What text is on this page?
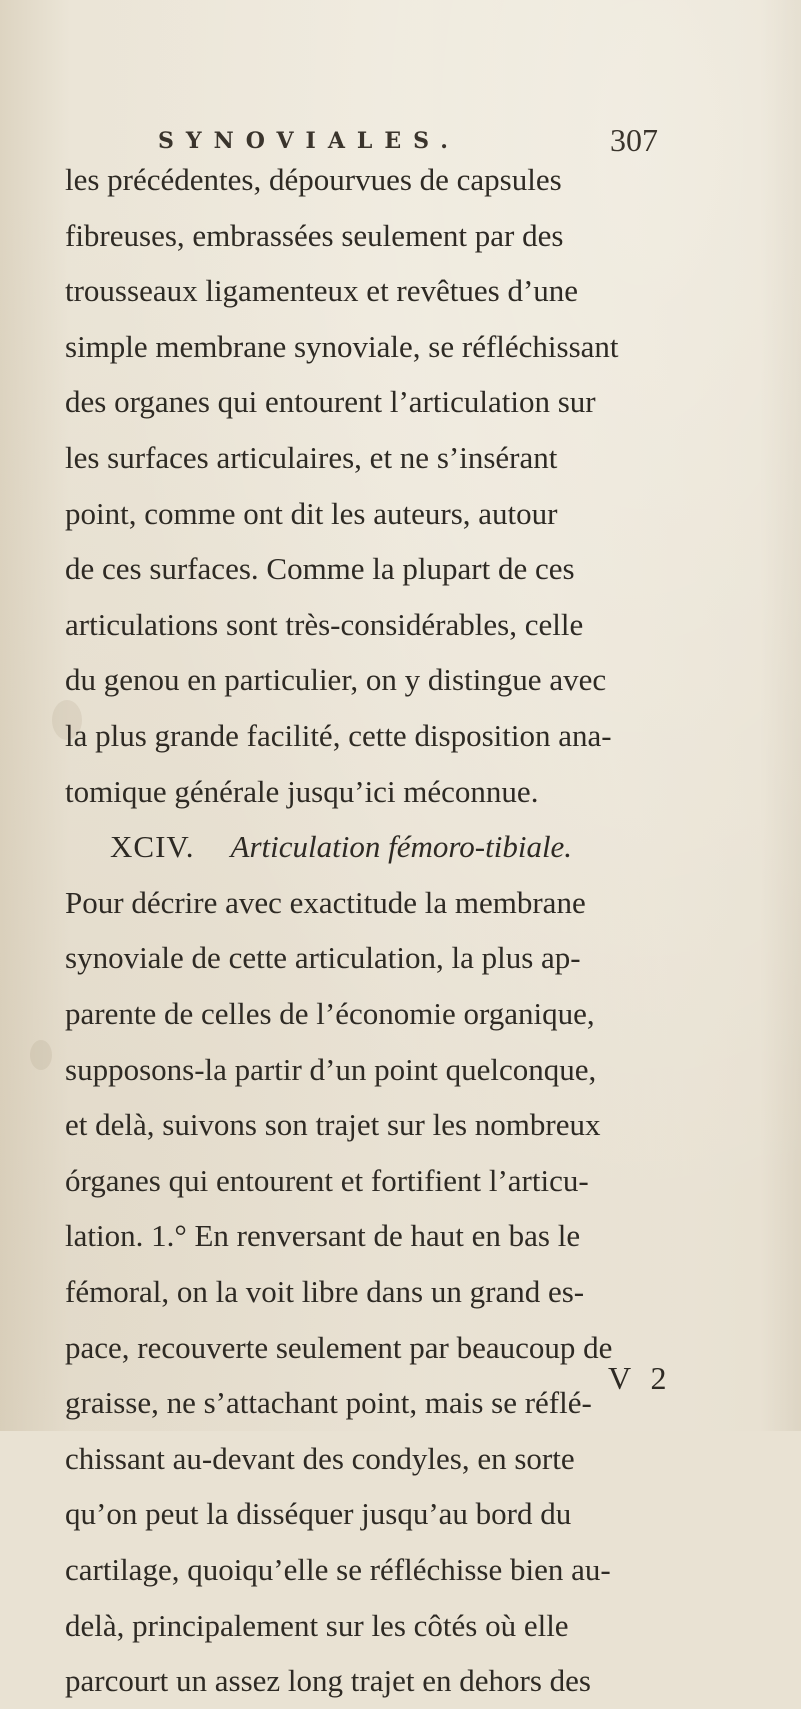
SYNOVIALES.	307
les précédentes, dépourvues de capsules
fibreuses, embrassées seulement par des
trousseaux ligamenteux et revêtues d’une
simple membrane synoviale, se réfléchissant
des organes qui entourent l’articulation sur
les surfaces articulaires, et ne s’insérant
point, comme ont dit les auteurs, autour
de ces surfaces. Comme la plupart de ces
articulations sont très-considérables, celle
du genou en particulier, on y distingue avec
la plus grande facilité, cette disposition ana-
tomique générale jusqu’ici méconnue.
XCIV. Articulation fémoro-tibiale.
Pour décrire avec exactitude la membrane
synoviale de cette articulation, la plus ap-
parente de celles de l’économie organique,
supposons-la partir d’un point quelconque,
et delà, suivons son trajet sur les nombreux
órganes qui entourent et fortifient l’articu-
lation. 1.° En renversant de haut en bas le
fémoral, on la voit libre dans un grand es-
pace, recouverte seulement par beaucoup de
graisse, ne s’attachant point, mais se réflé-
chissant au-devant des condyles, en sorte
qu’on peut la disséquer jusqu’au bord du
cartilage, quoiqu’elle se réfléchisse bien au-
delà, principalement sur les côtés où elle
parcourt un assez long trajet en dehors des
V 2
